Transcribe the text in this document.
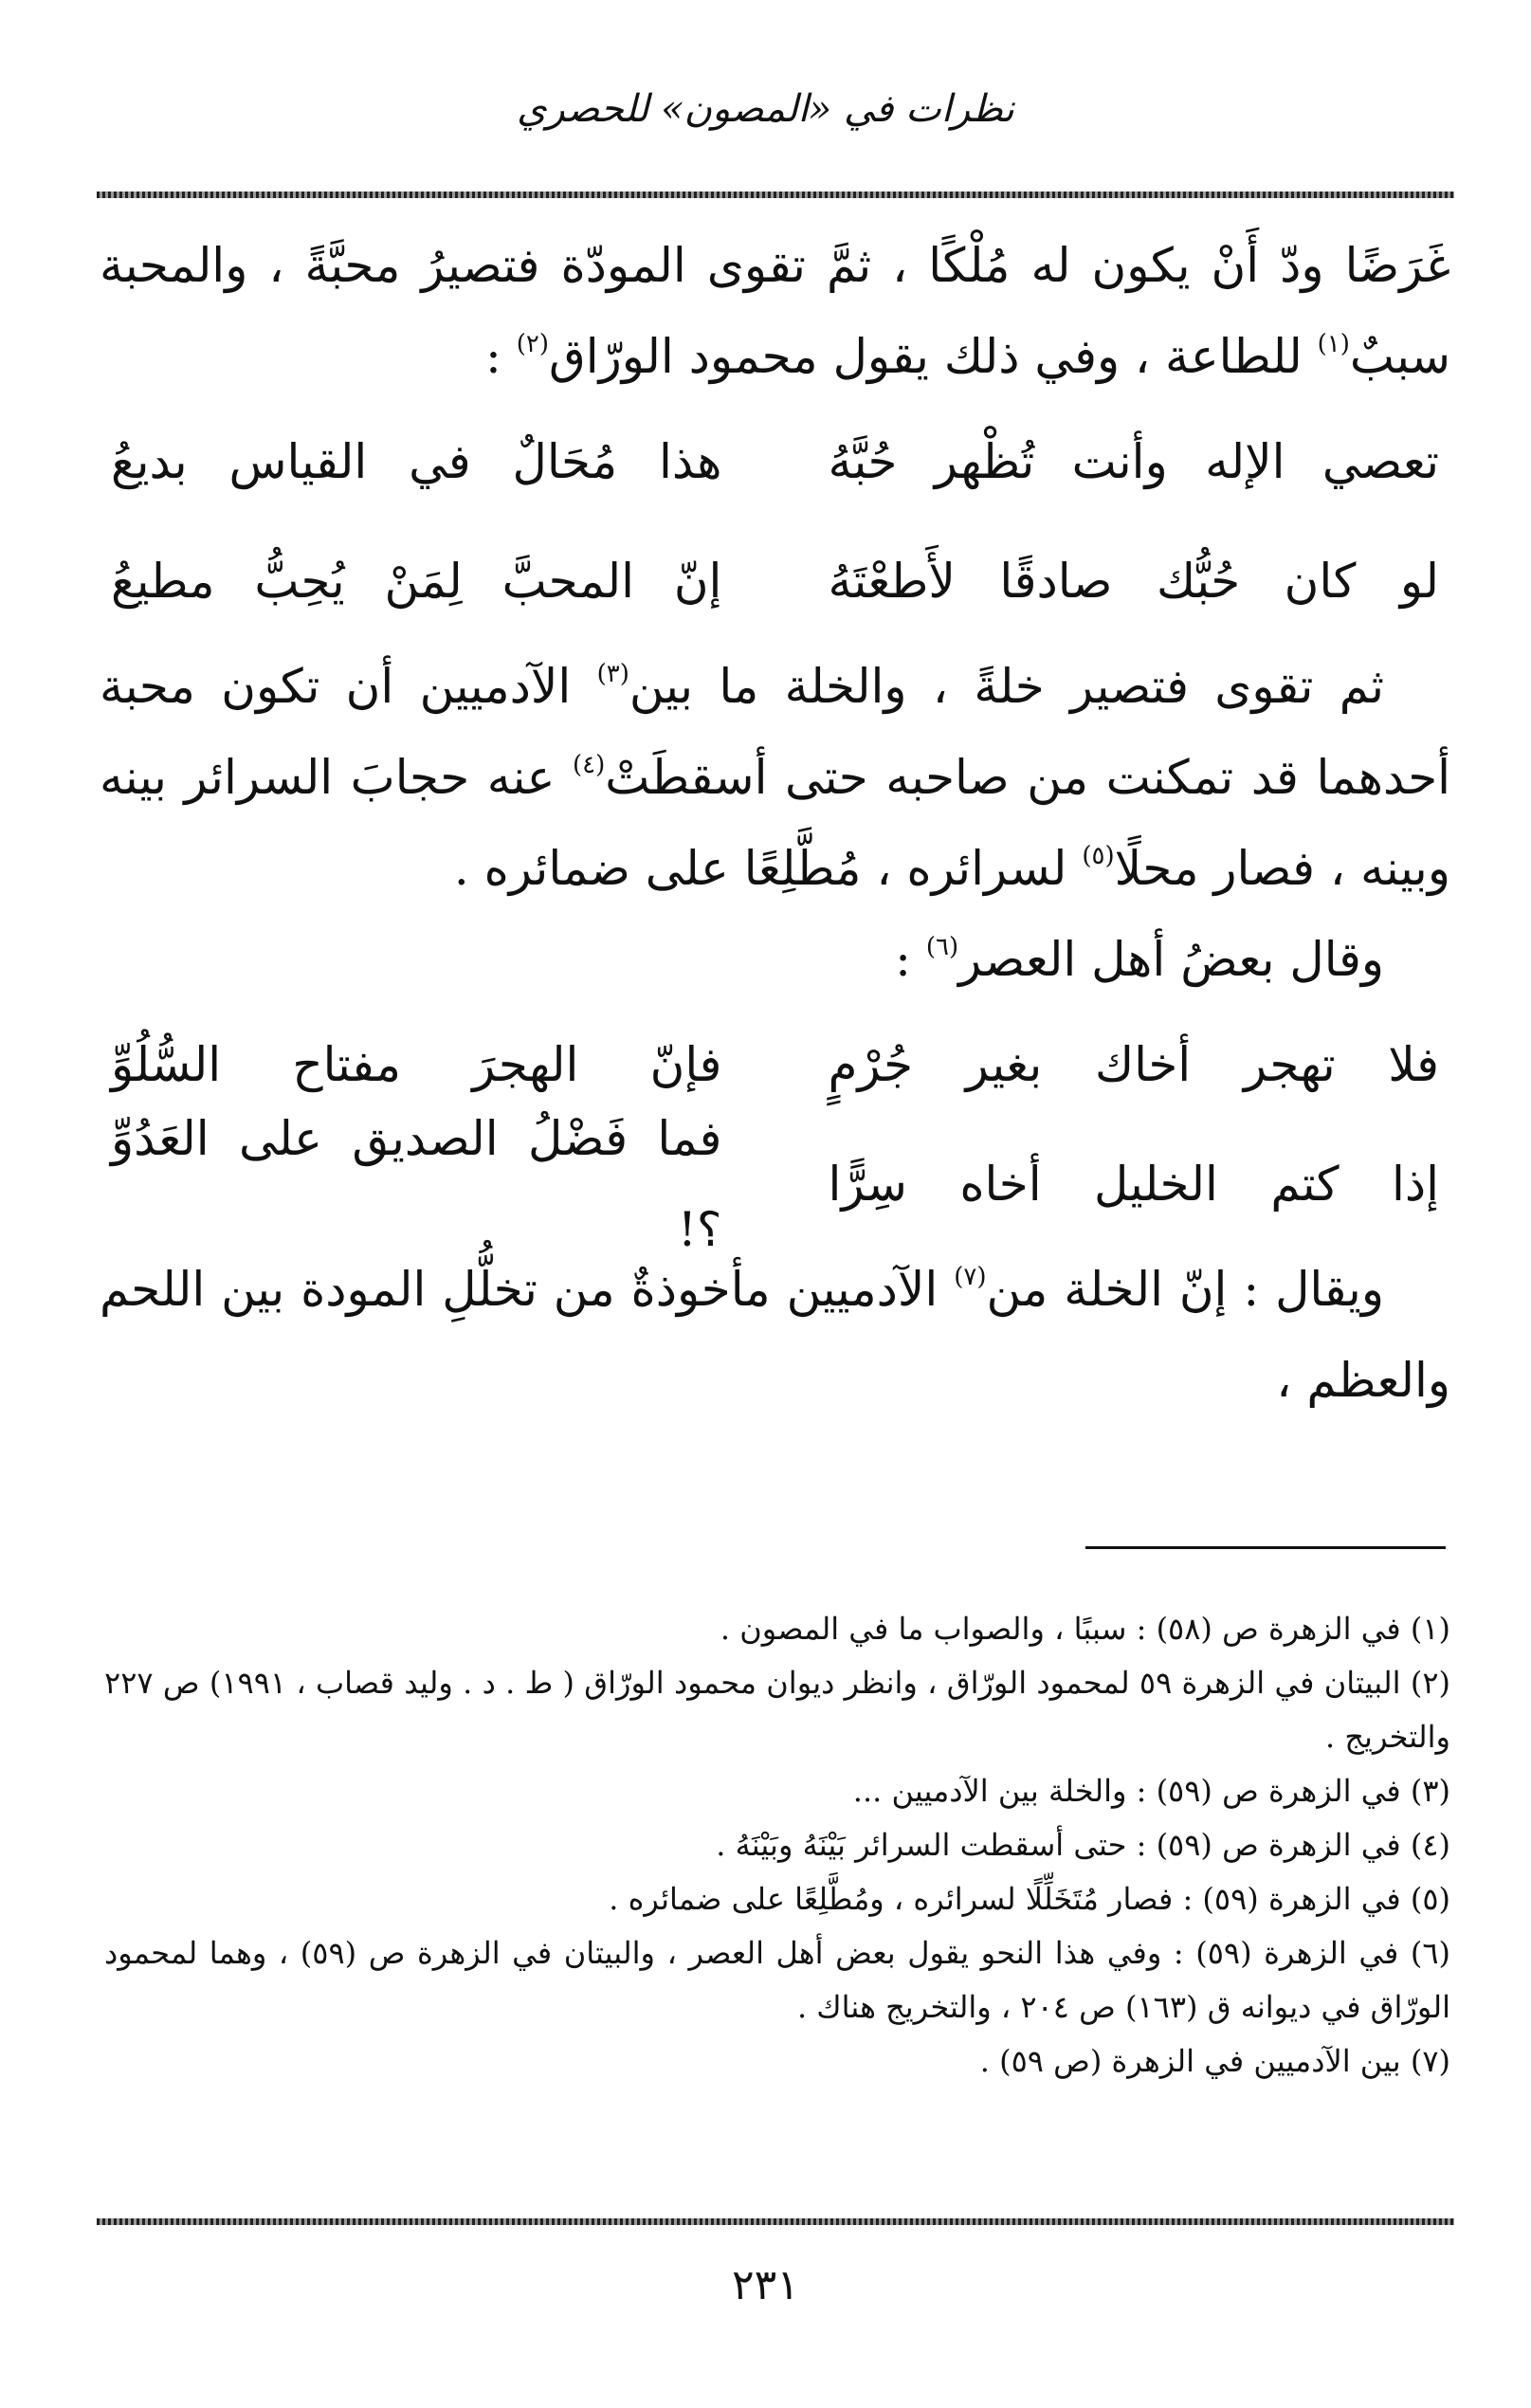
نظرات في «المصون» للحصري

غَرَضًا ودّ أَنْ يكون له مُلْكًا ، ثمَّ تقوى المودّة فتصيرُ محبَّةً ، والمحبة سببٌ$^{(١)}$ للطاعة ، وفي ذلك يقول محمود الورّاق$^{(٢)}$ :

تعصي الإله وأنت تُظْهر حُبَّهُ
هذا مُحَالٌ في القياس بديعُ
لو كان حُبُّك صادقًا لأَطعْتَهُ
إنّ المحبَّ لِمَنْ يُحِبُّ مطيعُ

ثم تقوى فتصير خلةً ، والخلة ما بين$^{(٣)}$ الآدميين أن تكون محبة أحدهما قد تمكنت من صاحبه حتى أسقطَتْ$^{(٤)}$ عنه حجابَ السرائر بينه وبينه ، فصار محلًا$^{(٥)}$ لسرائره ، مُطَّلِعًا على ضمائره .

وقال بعضُ أهل العصر$^{(٦)}$ :

فلا تهجر أخاك بغير جُرْمٍ
فإنّ الهجرَ مفتاح السُّلُوِّ
إذا كتم الخليل أخاه سِرًّا
فما فَضْلُ الصديق على العَدُوِّ ؟!

ويقال : إنّ الخلة من$^{(٧)}$ الآدميين مأخوذةٌ من تخلُّلِ المودة بين اللحم والعظم ،

(١) في الزهرة ص (٥٨) : سببًا ، والصواب ما في المصون .

(٢) البيتان في الزهرة ٥٩ لمحمود الورّاق ، وانظر ديوان محمود الورّاق ( ط . د . وليد قصاب ، ١٩٩١) ص ٢٢٧ والتخريج .

(٣) في الزهرة ص (٥٩) : والخلة بين الآدميين ...

(٤) في الزهرة ص (٥٩) : حتى أسقطت السرائر بَيْنَهُ وبَيْنَهُ .

(٥) في الزهرة (٥٩) : فصار مُتَخَلِّلًا لسرائره ، ومُطَّلِعًا على ضمائره .

(٦) في الزهرة (٥٩) : وفي هذا النحو يقول بعض أهل العصر ، والبيتان في الزهرة ص (٥٩) ، وهما لمحمود الورّاق في ديوانه ق (١٦٣) ص ٢٠٤ ، والتخريج هناك .

(٧) بين الآدميين في الزهرة (ص ٥٩) .

٢٣١
